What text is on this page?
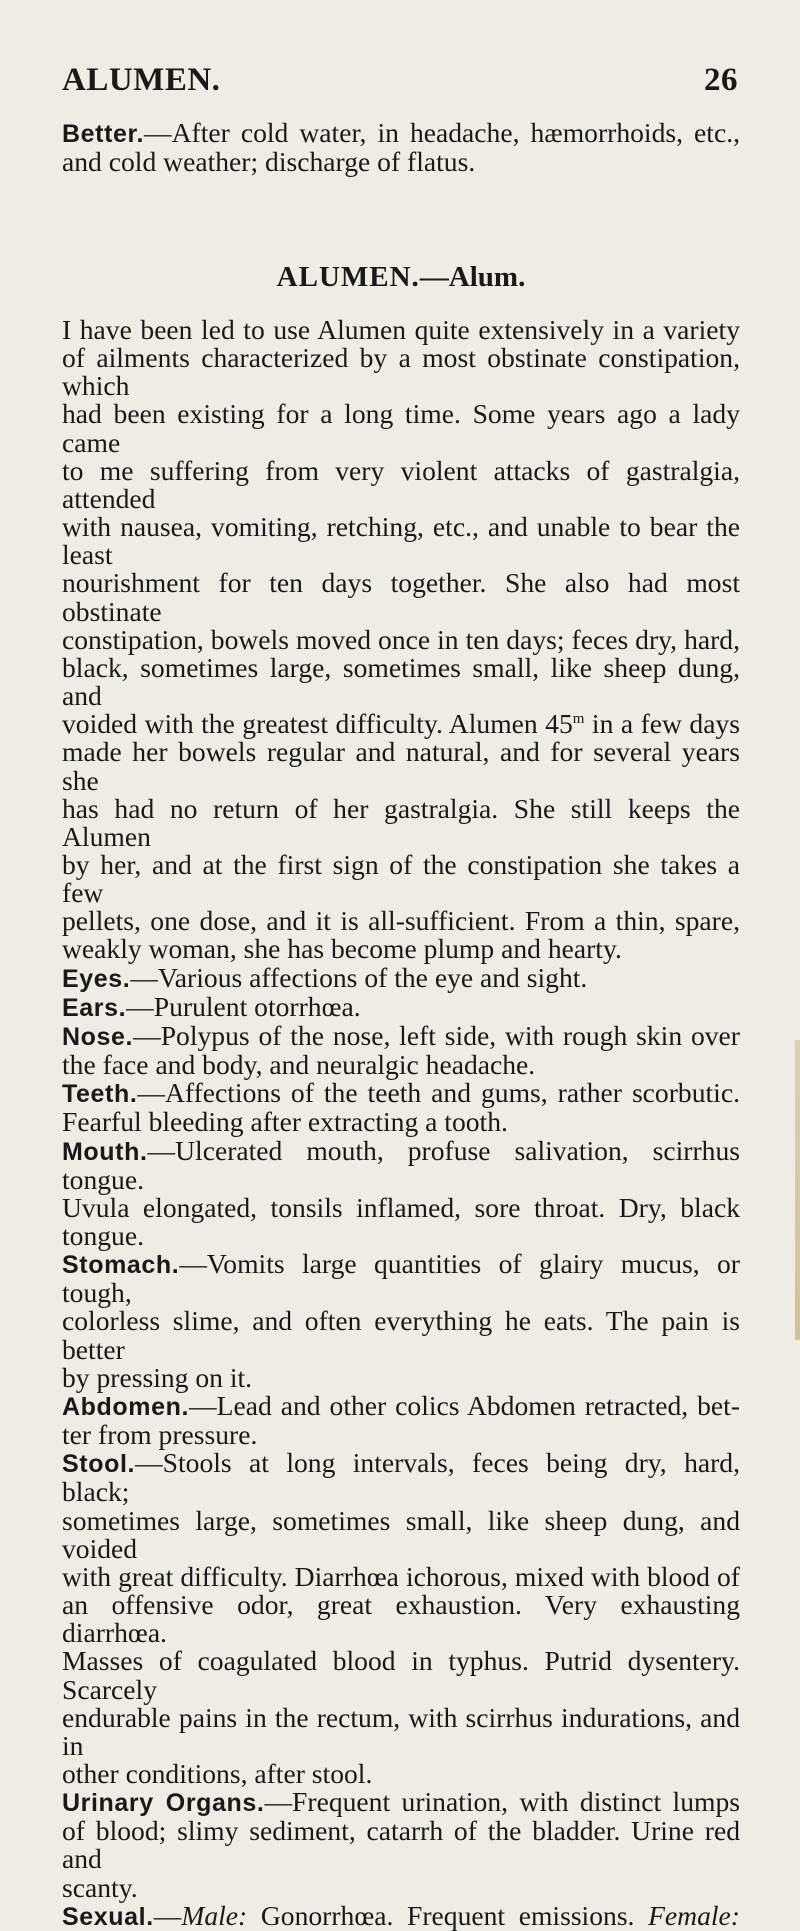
ALUMEN.	26

Better.—After cold water, in headache, hæmorrhoids, etc.,

and cold weather; discharge of flatus.

ALUMEN.—Alum.

I have been led to use Alumen quite extensively in a variety

of ailments characterized by a most obstinate constipation, which

had been existing for a long time. Some years ago a lady came

to me suffering from very violent attacks of gastralgia, attended

with nausea, vomiting, retching, etc., and unable to bear the least

nourishment for ten days together. She also had most obstinate

constipation, bowels moved once in ten days; feces dry, hard,

black, sometimes large, sometimes small, like sheep dung, and

voided with the greatest difficulty. Alumen 45$^m$ in a few days

made her bowels regular and natural, and for several years she

has had no return of her gastralgia. She still keeps the Alumen

by her, and at the first sign of the constipation she takes a few

pellets, one dose, and it is all-sufficient. From a thin, spare,

weakly woman, she has become plump and hearty.

Eyes.—Various affections of the eye and sight.

Ears.—Purulent otorrhœa.

Nose.—Polypus of the nose, left side, with rough skin over

the face and body, and neuralgic headache.

Teeth.—Affections of the teeth and gums, rather scorbutic.

Fearful bleeding after extracting a tooth.

Mouth.—Ulcerated mouth, profuse salivation, scirrhus tongue.

Uvula elongated, tonsils inflamed, sore throat. Dry, black tongue.

Stomach.—Vomits large quantities of glairy mucus, or tough,

colorless slime, and often everything he eats. The pain is better

by pressing on it.

Abdomen.—Lead and other colics Abdomen retracted, bet-

ter from pressure.

Stool.—Stools at long intervals, feces being dry, hard, black;

sometimes large, sometimes small, like sheep dung, and voided

with great difficulty. Diarrhœa ichorous, mixed with blood of

an offensive odor, great exhaustion. Very exhausting diarrhœa.

Masses of coagulated blood in typhus. Putrid dysentery. Scarcely

endurable pains in the rectum, with scirrhus indurations, and in

other conditions, after stool.

Urinary Organs.—Frequent urination, with distinct lumps

of blood; slimy sediment, catarrh of the bladder. Urine red and

scanty.

Sexual.—Male: Gonorrhœa. Frequent emissions. Female:
